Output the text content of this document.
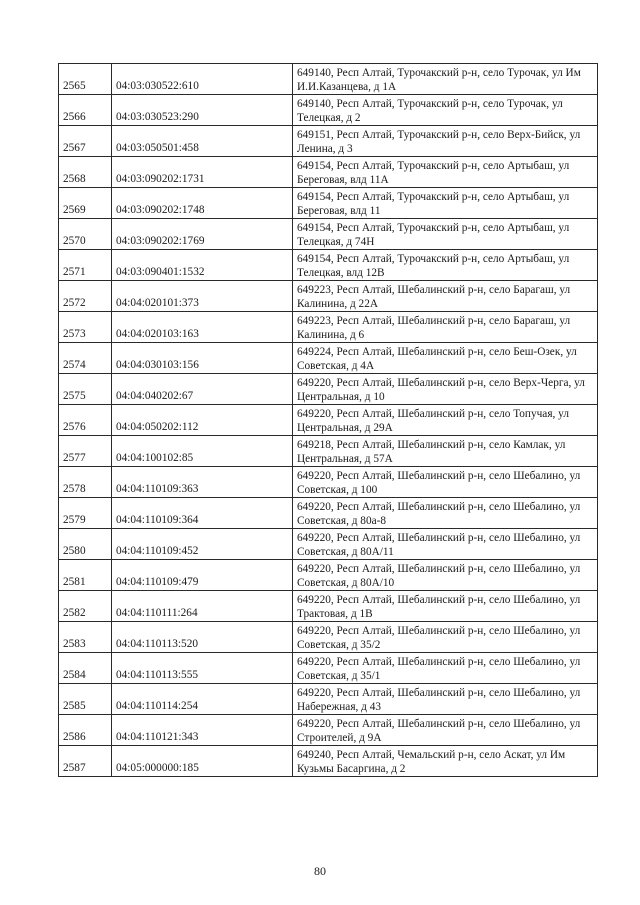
2565	04:03:030522:610	649140, Респ Алтай, Турочакский р-н, село Турочак, ул Им И.И.Казанцева, д 1А

2566	04:03:030523:290	649140, Респ Алтай, Турочакский р-н, село Турочак, ул Телецкая, д 2

2567	04:03:050501:458	649151, Респ Алтай, Турочакский р-н, село Верх-Бийск, ул Ленина, д 3

2568	04:03:090202:1731	649154, Респ Алтай, Турочакский р-н, село Артыбаш, ул Береговая, влд 11А

2569	04:03:090202:1748	649154, Респ Алтай, Турочакский р-н, село Артыбаш, ул Береговая, влд 11

2570	04:03:090202:1769	649154, Респ Алтай, Турочакский р-н, село Артыбаш, ул Телецкая, д 74Н

2571	04:03:090401:1532	649154, Респ Алтай, Турочакский р-н, село Артыбаш, ул Телецкая, влд 12В

2572	04:04:020101:373	649223, Респ Алтай, Шебалинский р-н, село Барагаш, ул Калинина, д 22А

2573	04:04:020103:163	649223, Респ Алтай, Шебалинский р-н, село Барагаш, ул Калинина, д 6

2574	04:04:030103:156	649224, Респ Алтай, Шебалинский р-н, село Беш-Озек, ул Советская, д 4А

2575	04:04:040202:67	649220, Респ Алтай, Шебалинский р-н, село Верх-Черга, ул Центральная, д 10

2576	04:04:050202:112	649220, Респ Алтай, Шебалинский р-н, село Топучая, ул Центральная, д 29А

2577	04:04:100102:85	649218, Респ Алтай, Шебалинский р-н, село Камлак, ул Центральная, д 57А

2578	04:04:110109:363	649220, Респ Алтай, Шебалинский р-н, село Шебалино, ул Советская, д 100

2579	04:04:110109:364	649220, Респ Алтай, Шебалинский р-н, село Шебалино, ул Советская, д 80а-8

2580	04:04:110109:452	649220, Респ Алтай, Шебалинский р-н, село Шебалино, ул Советская, д 80А/11

2581	04:04:110109:479	649220, Респ Алтай, Шебалинский р-н, село Шебалино, ул Советская, д 80А/10

2582	04:04:110111:264	649220, Респ Алтай, Шебалинский р-н, село Шебалино, ул Трактовая, д 1В

2583	04:04:110113:520	649220, Респ Алтай, Шебалинский р-н, село Шебалино, ул Советская, д 35/2

2584	04:04:110113:555	649220, Респ Алтай, Шебалинский р-н, село Шебалино, ул Советская, д 35/1

2585	04:04:110114:254	649220, Респ Алтай, Шебалинский р-н, село Шебалино, ул Набережная, д 43

2586	04:04:110121:343	649220, Респ Алтай, Шебалинский р-н, село Шебалино, ул Строителей, д 9А

2587	04:05:000000:185	649240, Респ Алтай, Чемальский р-н, село Аскат, ул Им Кузьмы Басаргина, д 2
80
